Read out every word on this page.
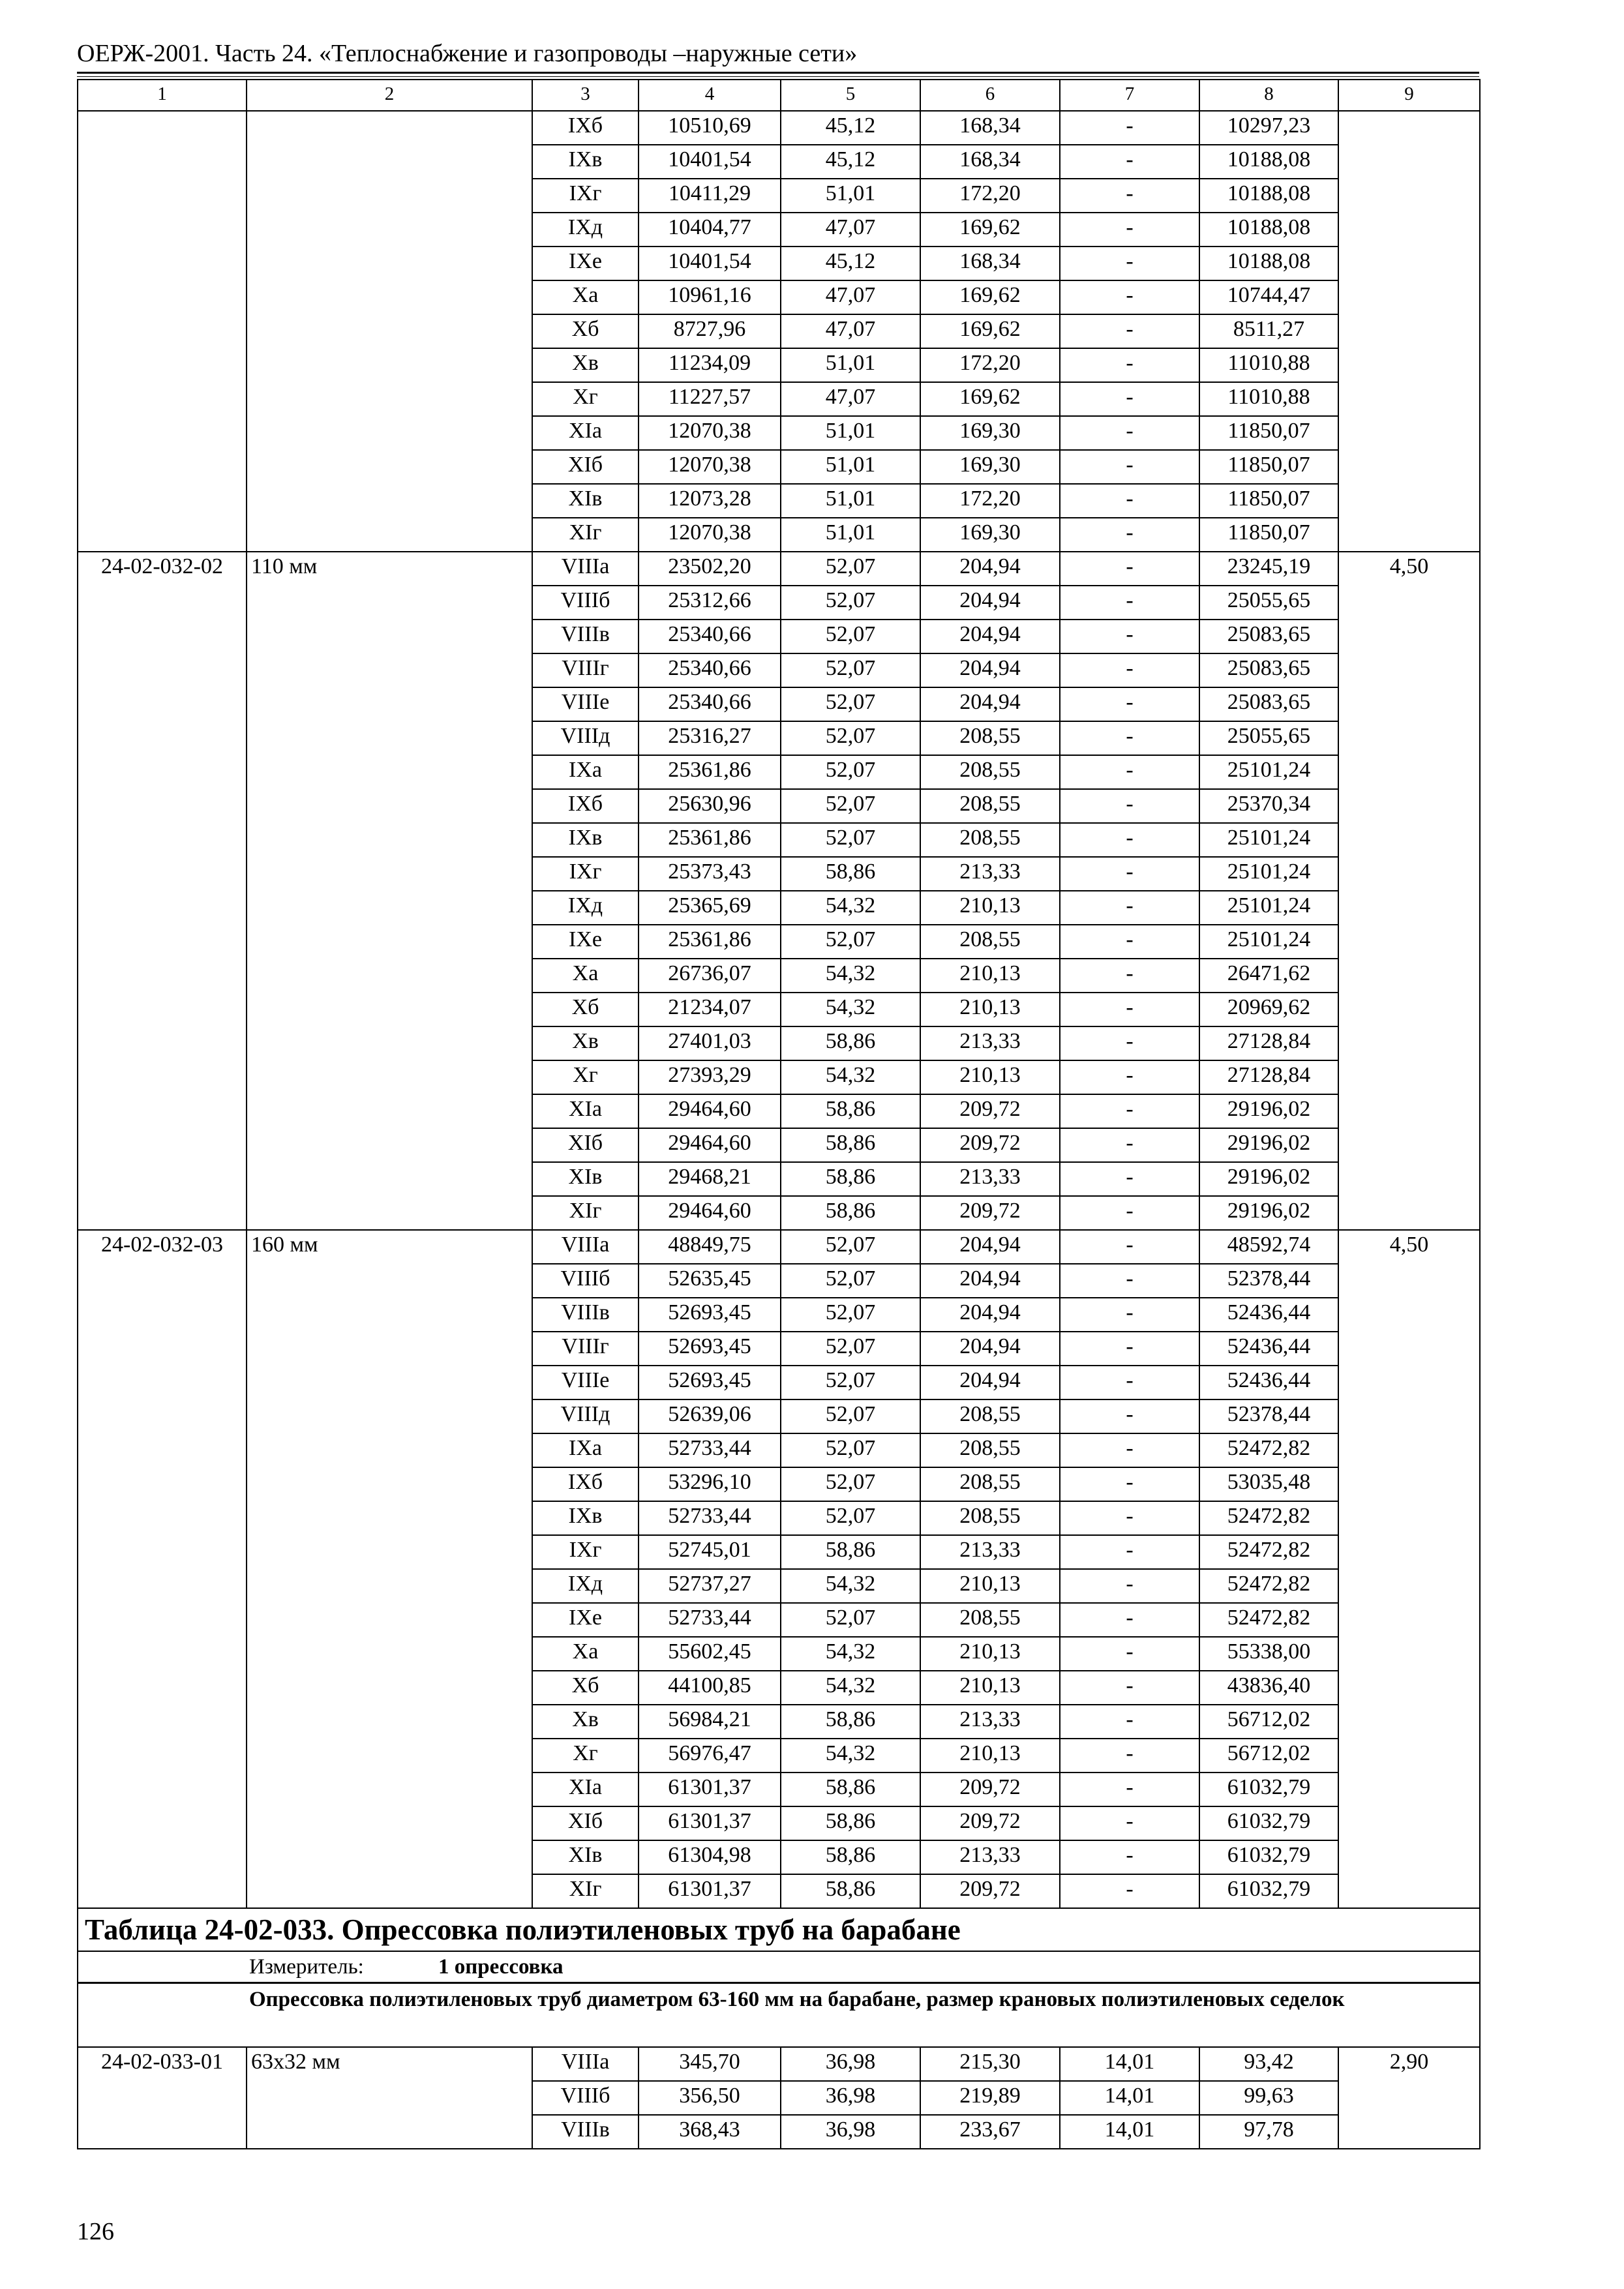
ОЕРЖ-2001. Часть 24. «Теплоснабжение и газопроводы –наружные сети»
1	2	3	4	5	6	7	8	9
		IXб	10510,69	45,12	168,34	-	10297,23	
		IXв	10401,54	45,12	168,34	-	10188,08	
		IXг	10411,29	51,01	172,20	-	10188,08	
		IXд	10404,77	47,07	169,62	-	10188,08	
		IXе	10401,54	45,12	168,34	-	10188,08	
		Xа	10961,16	47,07	169,62	-	10744,47	
		Xб	8727,96	47,07	169,62	-	8511,27	
		Xв	11234,09	51,01	172,20	-	11010,88	
		Xг	11227,57	47,07	169,62	-	11010,88	
		XIа	12070,38	51,01	169,30	-	11850,07	
		XIб	12070,38	51,01	169,30	-	11850,07	
		XIв	12073,28	51,01	172,20	-	11850,07	
		XIг	12070,38	51,01	169,30	-	11850,07	
24-02-032-02	110 мм	VIIIа	23502,20	52,07	204,94	-	23245,19	4,50
		VIIIб	25312,66	52,07	204,94	-	25055,65	
		VIIIв	25340,66	52,07	204,94	-	25083,65	
		VIIIг	25340,66	52,07	204,94	-	25083,65	
		VIIIе	25340,66	52,07	204,94	-	25083,65	
		VIIIд	25316,27	52,07	208,55	-	25055,65	
		IXа	25361,86	52,07	208,55	-	25101,24	
		IXб	25630,96	52,07	208,55	-	25370,34	
		IXв	25361,86	52,07	208,55	-	25101,24	
		IXг	25373,43	58,86	213,33	-	25101,24	
		IXд	25365,69	54,32	210,13	-	25101,24	
		IXе	25361,86	52,07	208,55	-	25101,24	
		Xа	26736,07	54,32	210,13	-	26471,62	
		Xб	21234,07	54,32	210,13	-	20969,62	
		Xв	27401,03	58,86	213,33	-	27128,84	
		Xг	27393,29	54,32	210,13	-	27128,84	
		XIа	29464,60	58,86	209,72	-	29196,02	
		XIб	29464,60	58,86	209,72	-	29196,02	
		XIв	29468,21	58,86	213,33	-	29196,02	
		XIг	29464,60	58,86	209,72	-	29196,02	
24-02-032-03	160 мм	VIIIа	48849,75	52,07	204,94	-	48592,74	4,50
		VIIIб	52635,45	52,07	204,94	-	52378,44	
		VIIIв	52693,45	52,07	204,94	-	52436,44	
		VIIIг	52693,45	52,07	204,94	-	52436,44	
		VIIIе	52693,45	52,07	204,94	-	52436,44	
		VIIIд	52639,06	52,07	208,55	-	52378,44	
		IXа	52733,44	52,07	208,55	-	52472,82	
		IXб	53296,10	52,07	208,55	-	53035,48	
		IXв	52733,44	52,07	208,55	-	52472,82	
		IXг	52745,01	58,86	213,33	-	52472,82	
		IXд	52737,27	54,32	210,13	-	52472,82	
		IXе	52733,44	52,07	208,55	-	52472,82	
		Xа	55602,45	54,32	210,13	-	55338,00	
		Xб	44100,85	54,32	210,13	-	43836,40	
		Xв	56984,21	58,86	213,33	-	56712,02	
		Xг	56976,47	54,32	210,13	-	56712,02	
		XIа	61301,37	58,86	209,72	-	61032,79	
		XIб	61301,37	58,86	209,72	-	61032,79	
		XIв	61304,98	58,86	213,33	-	61032,79	
		XIг	61301,37	58,86	209,72	-	61032,79	
Таблица 24-02-033. Опрессовка полиэтиленовых труб на барабане								
Измеритель: 1 опрессовка								

Опрессовка полиэтиленовых труб диаметром 63-160 мм на барабане, размер крановых полиэтиленовых седелок								

24-02-033-01	63х32 мм	VIIIа	345,70	36,98	215,30	14,01	93,42	2,90
		VIIIб	356,50	36,98	219,89	14,01	99,63	
		VIIIв	368,43	36,98	233,67	14,01	97,78	
126
